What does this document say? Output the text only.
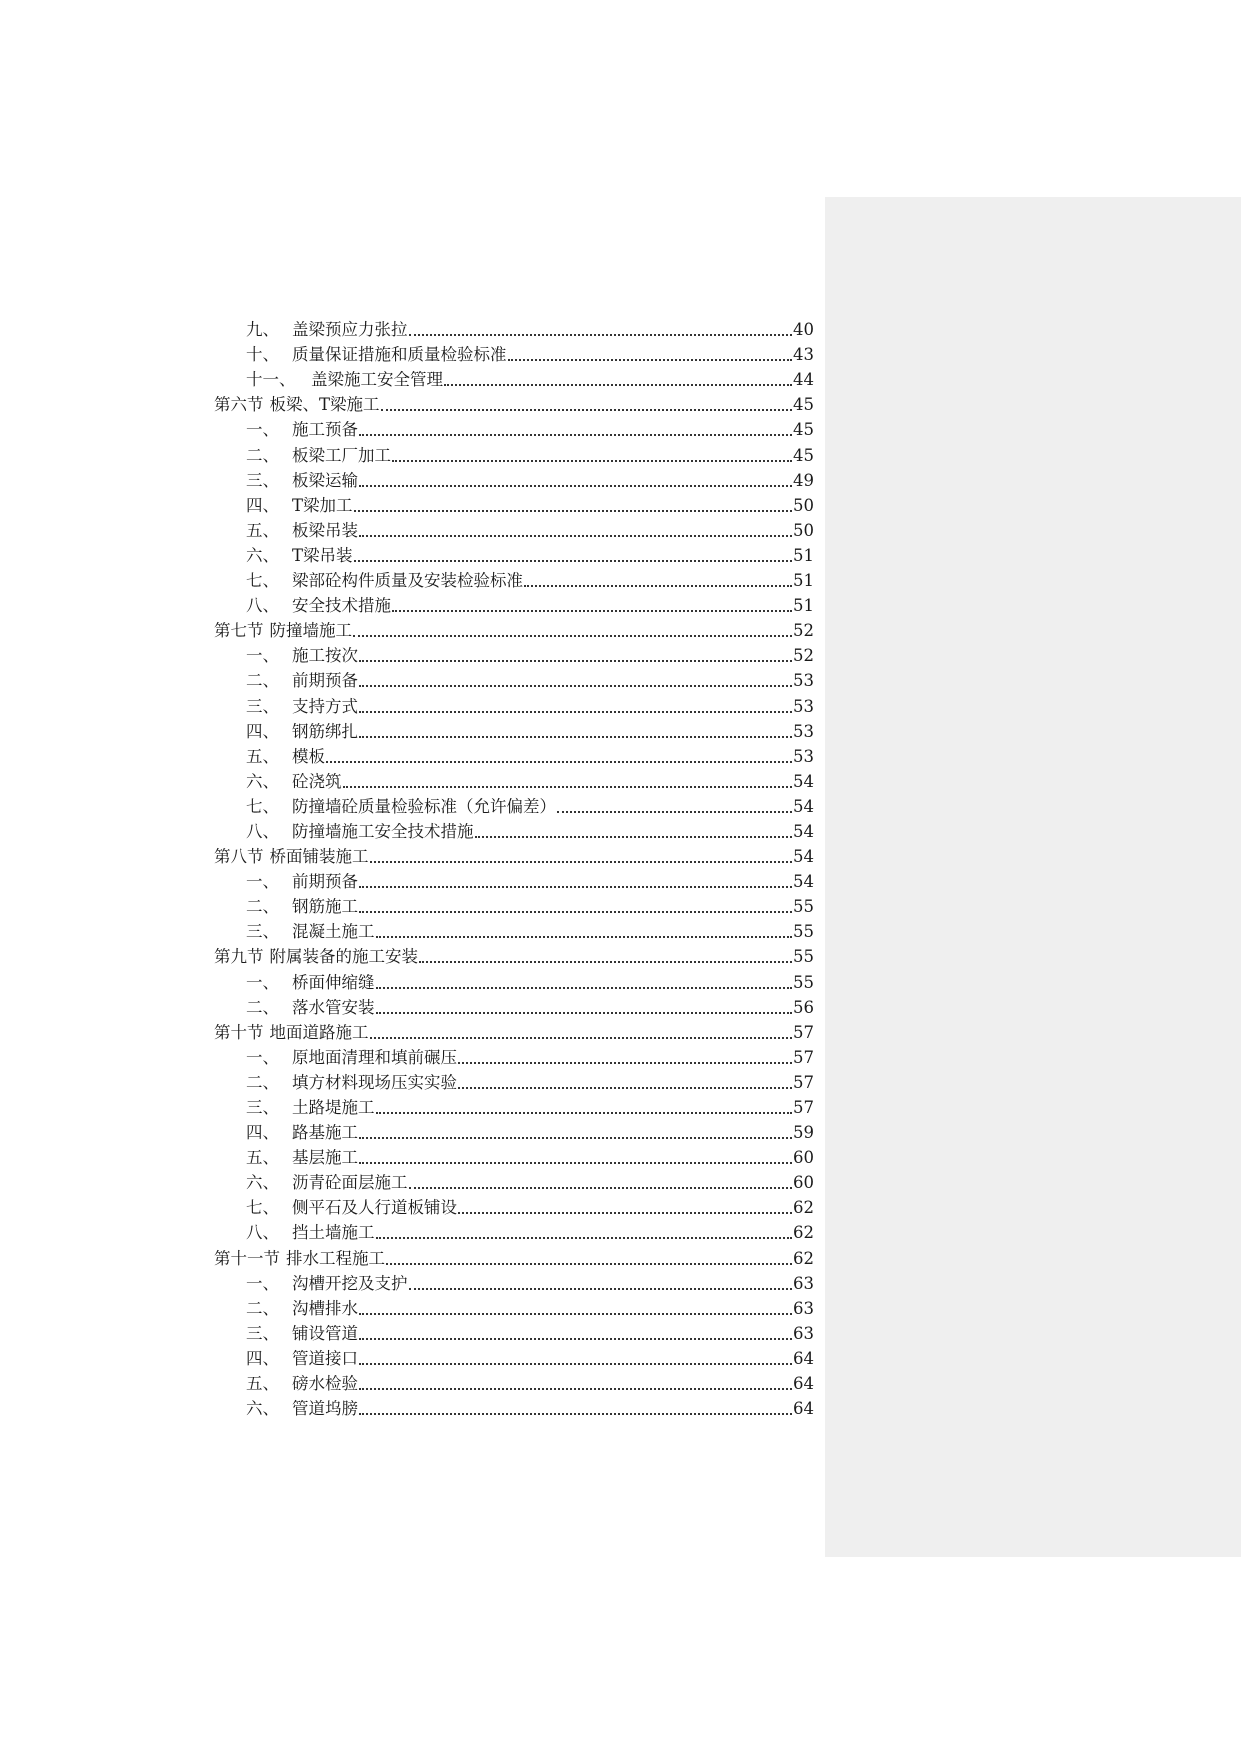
九、 盖梁预应力张拉	40
十、 质量保证措施和质量检验标准	43
十一、 盖梁施工安全管理	44
第六节 板梁、T梁施工	45
一、 施工预备	45
二、 板梁工厂加工	45
三、 板梁运输	49
四、 T梁加工	50
五、 板梁吊装	50
六、 T梁吊装	51
七、 梁部砼构件质量及安装检验标准	51
八、 安全技术措施	51
第七节 防撞墙施工	52
一、 施工按次	52
二、 前期预备	53
三、 支持方式	53
四、 钢筋绑扎	53
五、 模板	53
六、 砼浇筑	54
七、 防撞墙砼质量检验标准（允许偏差）	54
八、 防撞墙施工安全技术措施	54
第八节 桥面铺装施工	54
一、 前期预备	54
二、 钢筋施工	55
三、 混凝土施工	55
第九节 附属装备的施工安装	55
一、 桥面伸缩缝	55
二、 落水管安装	56
第十节 地面道路施工	57
一、 原地面清理和填前碾压	57
二、 填方材料现场压实实验	57
三、 土路堤施工	57
四、 路基施工	59
五、 基层施工	60
六、 沥青砼面层施工	60
七、 侧平石及人行道板铺设	62
八、 挡土墙施工	62
第十一节 排水工程施工	62
一、 沟槽开挖及支护	63
二、 沟槽排水	63
三、 铺设管道	63
四、 管道接口	64
五、 磅水检验	64
六、 管道坞膀	64
